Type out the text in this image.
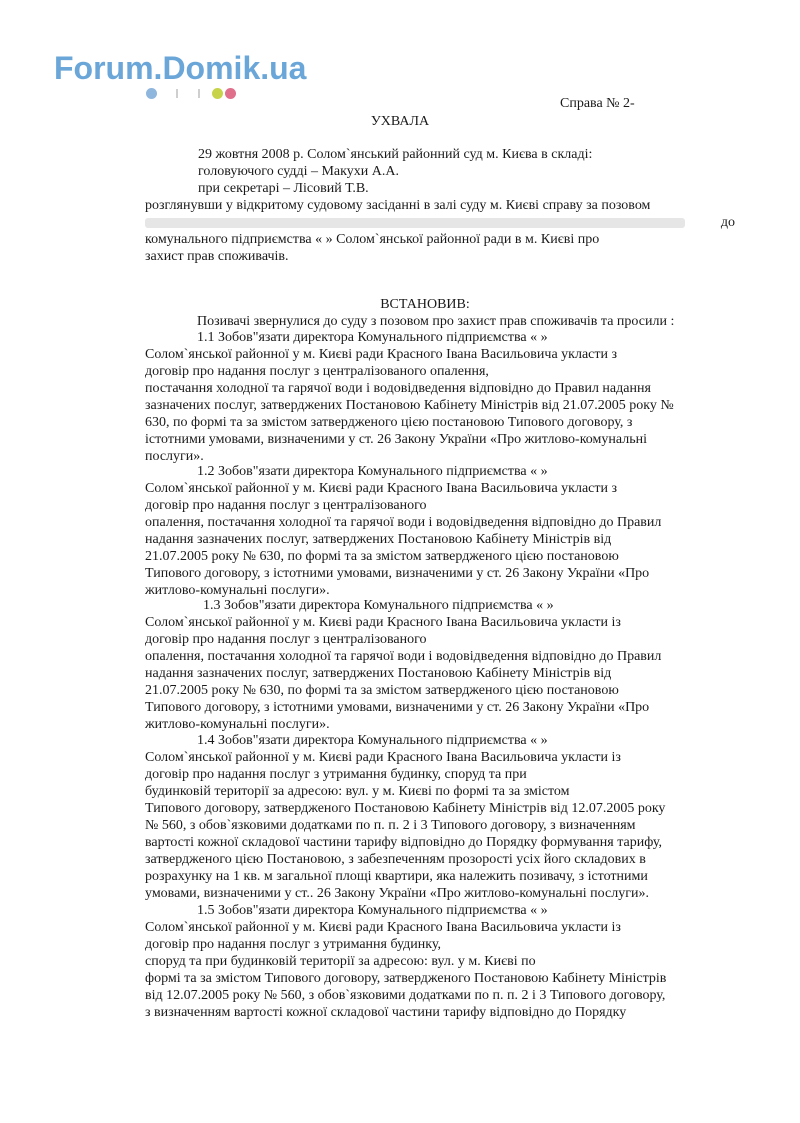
Forum.Domik.ua
Справа № 2-
УХВАЛА
29 жовтня 2008 р. Солом`янський районний суд м. Києва в складі:
головуючого судді – Макухи А.А.
при секретарі – Лісовий Т.В.
розглянувши у відкритому судовому засіданні в залі суду м. Києві справу за позовом
до
комунального підприємства « » Солом`янської районної ради в м. Києві про
захист прав споживачів.
ВСТАНОВИВ:
Позивачі звернулися до суду з позовом про захист прав споживачів та просили :
1.1 Зобов"язати директора Комунального підприємства « »
Солом`янської районної у м. Києві ради Красного Івана Васильовича укласти з
договір про надання послуг з централізованого опалення,
постачання холодної та гарячої води і водовідведення відповідно до Правил надання
зазначених послуг, затверджених Постановою Кабінету Міністрів від 21.07.2005 року №
630, по формі та за змістом затвердженого цією постановою Типового договору, з
істотними умовами, визначеними у ст. 26 Закону України «Про житлово-комунальні
послуги».
1.2 Зобов"язати директора Комунального підприємства « »
Солом`янської районної у м. Києві ради Красного Івана Васильовича укласти з
договір про надання послуг з централізованого
опалення, постачання холодної та гарячої води і водовідведення відповідно до Правил
надання зазначених послуг, затверджених Постановою Кабінету Міністрів від
21.07.2005 року № 630, по формі та за змістом затвердженого цією постановою
Типового договору, з істотними умовами, визначеними у ст. 26 Закону України «Про
житлово-комунальні послуги».
1.3 Зобов"язати директора Комунального підприємства « »
Солом`янської районної у м. Києві ради Красного Івана Васильовича укласти із
договір про надання послуг з централізованого
опалення, постачання холодної та гарячої води і водовідведення відповідно до Правил
надання зазначених послуг, затверджених Постановою Кабінету Міністрів від
21.07.2005 року № 630, по формі та за змістом затвердженого цією постановою
Типового договору, з істотними умовами, визначеними у ст. 26 Закону України «Про
житлово-комунальні послуги».
1.4 Зобов"язати директора Комунального підприємства « »
Солом`янської районної у м. Києві ради Красного Івана Васильовича укласти із
договір про надання послуг з утримання будинку, споруд та при
будинковій території за адресою: вул. у м. Києві по формі та за змістом
Типового договору, затвердженого Постановою Кабінету Міністрів від 12.07.2005 року
№ 560, з обов`язковими додатками по п. п. 2 і 3 Типового договору, з визначенням
вартості кожної складової частини тарифу відповідно до Порядку формування тарифу,
затвердженого цією Постановою, з забезпеченням прозорості усіх його складових в
розрахунку на 1 кв. м загальної площі квартири, яка належить позивачу, з істотними
умовами, визначеними у ст.. 26 Закону України «Про житлово-комунальні послуги».
1.5 Зобов"язати директора Комунального підприємства « »
Солом`янської районної у м. Києві ради Красного Івана Васильовича укласти із
договір про надання послуг з утримання будинку,
споруд та при будинковій території за адресою: вул. у м. Києві по
формі та за змістом Типового договору, затвердженого Постановою Кабінету Міністрів
від 12.07.2005 року № 560, з обов`язковими додатками по п. п. 2 і 3 Типового договору,
з визначенням вартості кожної складової частини тарифу відповідно до Порядку
